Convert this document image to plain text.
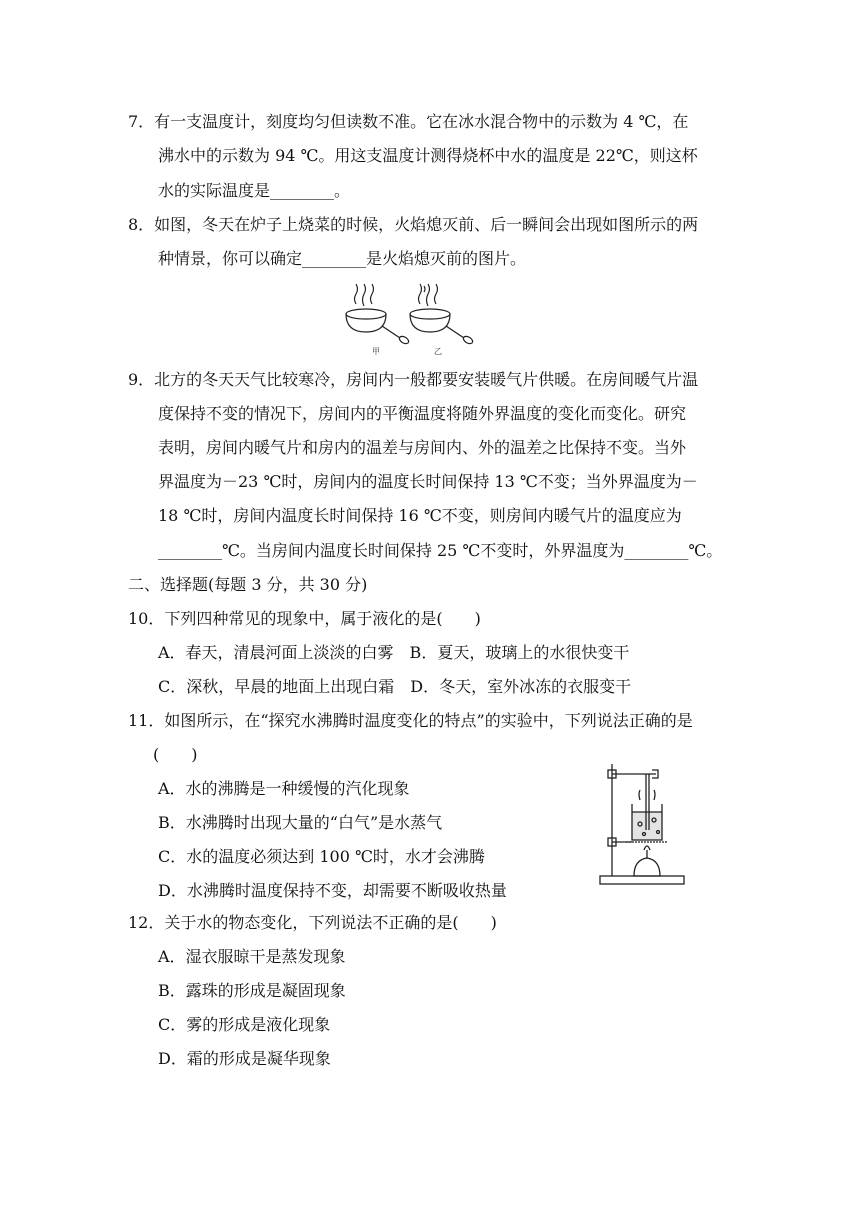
7．有一支温度计，刻度均匀但读数不准。它在冰水混合物中的示数为 4 ℃，在
沸水中的示数为 94 ℃。用这支温度计测得烧杯中水的温度是 22℃，则这杯
水的实际温度是________。
8．如图，冬天在炉子上烧菜的时候，火焰熄灭前、后一瞬间会出现如图所示的两
种情景，你可以确定________是火焰熄灭前的图片。
甲	乙
9．北方的冬天天气比较寒冷，房间内一般都要安装暖气片供暖。在房间暖气片温
度保持不变的情况下，房间内的平衡温度将随外界温度的变化而变化。研究
表明，房间内暖气片和房内的温差与房间内、外的温差之比保持不变。当外
界温度为－23 ℃时，房间内的温度长时间保持 13 ℃不变；当外界温度为－
18 ℃时，房间内温度长时间保持 16 ℃不变，则房间内暖气片的温度应为
________℃。当房间内温度长时间保持 25 ℃不变时，外界温度为________℃。
二、选择题(每题 3 分，共 30 分)
10．下列四种常见的现象中，属于液化的是(　　)
A．春天，清晨河面上淡淡的白雾　B．夏天，玻璃上的水很快变干
C．深秋，早晨的地面上出现白霜　D．冬天，室外冰冻的衣服变干
11．如图所示，在“探究水沸腾时温度变化的特点”的实验中，下列说法正确的是
(　　)
A．水的沸腾是一种缓慢的汽化现象
B．水沸腾时出现大量的“白气”是水蒸气
C．水的温度必须达到 100 ℃时，水才会沸腾
D．水沸腾时温度保持不变，却需要不断吸收热量
12．关于水的物态变化，下列说法不正确的是(　　)
A．湿衣服晾干是蒸发现象
B．露珠的形成是凝固现象
C．雾的形成是液化现象
D．霜的形成是凝华现象
